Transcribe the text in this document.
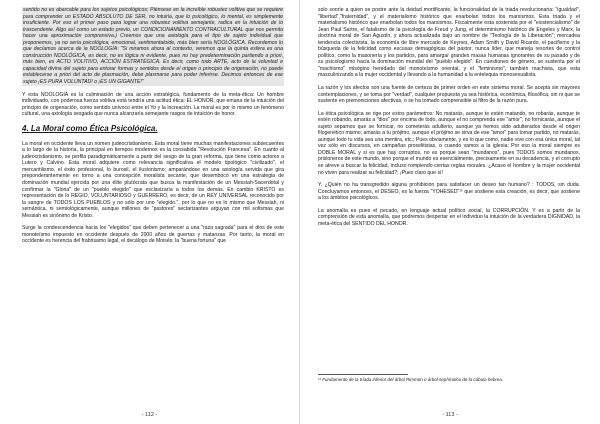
sentido no es abarcable para los sujetos psicológicos; Piénsese en la increíble robustez volitiva que se requiere para comprender un ESTADO ABSOLUTO DE SER, no intuirla, que lo psicológico, lo mental, es simplemente insuficiente. Por eso el primer paso para lograr una robustez volitiva semejante, radica en la intuición de lo trascendente. Algo así como un estado previo, un CONDICIONAMIENTO CONTRACULTURAL que nos permita hacer una aproximación comprensiva.) Creemos que una axiología para el tipo de sujeto individual que proponemos, ya no sería psicológica, emocional, sentimentaloide, más bien sería NOOLÓGICA. Recordemos lo que decíamos acerca de la NOOLOGÍA: "Si miramos ahora al contexto, veremos que la quinta esfera es una construcción NOOLÓGICA, es decir, no es lógica ni evidente, pues no hay predeterminación partiendo a priori, más bien, es ACTO VOLITIVO, ACCIÓN ESTRATÉGICA. Es decir, como todo ARTE, acto de la voluntad e capacidad divina del sujeto para entorar formas y sentidos desde el origen o principio de origenación, no puede establecerse a priori del acto de plasmación, debe plasmarse para poder inferirse. Decimos entonces de ese sujeto ¡ES PURA VOLUNTAD! o ¡ES UN GIGANTE!"

Y esta NOOLOGÍA es la culminación de una acción estratégica, fundamento de la meta-ética: Un hombre individuado, con poderosa fuerza volitiva está tendría una actitud ética: EL HONOR, que emana de la intuición del principio de origenación, como sentido unívoco entre el Yo y la increación. La moral es por lo mismo un fenómeno cultural, una axiología sesgada que nunca alcanzaría semejante rasgos de intuición de honor.

4. La Moral como Ética Psicológica.

La moral en occidente lleva un nomen judeocristianismo. Esta moral tiene muchas manifestaciones subsecuentes a lo largo de la historia, la principal en tiempos modernos es la consabida "Revolución Francesa". En cuanto al judeocristianismo, se perfila paradigmáticamente a partir del sesgo de la gran reforma, que tiene como actores a Lutero y Calvino. Esta moral adquiere como relevancia significativa el modelo tipológico "civilizado", el mercantilismo, el éxito profesional, lo burosil, el ilusionismo; amparándose en una axiología servida que gira preponderantemente en torno a una concepción moralista secante, que desembocó en una estrategia de dominación mundial ejercida por una élite plutócrata que busca la manifestación de un Messiah-Sacerdotal y confirmar la "Gloria" de un "pueblo elegido" que esclavizaría a todos los demás. En cambio KRISTO es representación de lo REGIO, VOLUNTARIOSO y GUERRERO, es decir, de un REY UNIVERSAL reconocido por la sangre de TODOS LOS PUEBLOS y no sólo por uno "elegido.", por lo que no es lo mismo que Messiah, ni semántica, ni semiológicamente, aunque millones de "pastores" sectarizantes arguyan con mil sofismas que Messiah es sinónimo de Kristo.

Surge la condescendencia hacia los "elegidos" que deben pertenecer a una "raza sagrada" para el dios de este monoteísmo impuesto en occidente después de 2000 años de guerras y matanzas. Por tanto, la moral en occidente es herencia del frabrisamo legal, el decálogo de Moisés; la "buena fortuna" que

- 112 -

solo sonríe a quien se postre ante la deidad mortificante, la funcionalidad de la triada revolucionaria: "igualdad", "libertad","fraternidad", y el materialismo histórico que enarbolan todos los marxismos. Esta triada y el materialismo histórico que enarbolan todos los marxismos. Fiscalmente esta sostenida por el "existencialismo" de Jean Paul Sartre, el fatalismo de la psicología de Freud y Jung, el determinismo histórico de Engeles y Marx, la doctrina moral de San Agustín, y ahora actualizada bajo un nombre de "Teología de la Liberación"; mercadea tendencia colectivista, la economía de libre mercado de Keynes, Adam Smith y David Ricardo, el pacifismo y la búsqueda de la felicidad como excusas demagógicas del pastor, nunca líder, que maneja resortes de control político, como la masonería y los partidos, para amargar grandes masas humanas ignorantes de su pasado y de su psicologismo hacia la dominación mundial del "pueblo elegido". En cuestiones de género, se sustenta por el "machismo" misógino heredado del monoteísmo oriental, y el "feminismo", también machista, que esta masculinizando a la mujer occidental y llevando a la humanidad a la entelequia monosexualista.

La razón y los afectos son una fuente de certeza de primer orden en este sistema moral. Se acepta sin mayores contemplaciones, y se toma por "verdad", cualquier propuesta ya sea histórica, económica, filosófica, sin ni que se sustente en premoniciones afectivas, o se ha tomado comprensible al filtro de la razón pura.

La ética psicológica se rige por estos parámetros: No matarás, aunque te estén matando, no robarás, aunque te estén robando, amarás a "dios" por encima de todo, aunque el no comprenda ese "amor", no fornicarás, aunque el sujeto sepamos que se fornicar, no cometerás adulterio, aunque ya hemos sido adulterados desde el origen filogenético mismo; amarás a tu prójimo, aunque el prójimo se sirva de ese "amor" para tomar partido, no matarás, aunque todo tu vida sea una mentira, etc.; Pues obviamente, y es lo que como, nadie vive con esa única moral, tal vez sólo en discursos, en campañas proselitistas, o cuando vamos a la iglesia; Por eso la moral siempre es DOBLE MORAL y si es que hay corruptos, no es porque sean "mundanos", pues TODOS somos mundanos, prisioneros de este mundo, sino porque el mundo es esencialmente, precisamente en su decadencia, y el corrupto se atreve a buscar la felicidad, incluso rompiendo ciertas reglas morales. ¿Acaso el hombre y la mujer occidental no viven para realizar su felicidad?; ¡Pues claro que sí!

Y, ¿Quién no ha transgredido alguna prohibición para satisfacer un deseo tan humano? : TODOS, sin duda. Concluyamos entonces, el DESEO, es la fuerza "YOHESED"¹¹ que sostiene esta creación, es decir, que sostiene a los ámbitos psicológicos.

La anomalía es pues el pecado, en lenguaje actual político social, la CORRUPCIÓN. Y es a partir de la comprensión de esta anomalía, que podremos despertar en el individuo la intuición de la verdadera DIGNIDAD, la meta-ética del SENTIDO DEL HONOR.

¹¹ Fundamento de la tríada inferior del árbol Rimmon o árbol sephírotico de la cábala hebrea.
- 113 -
